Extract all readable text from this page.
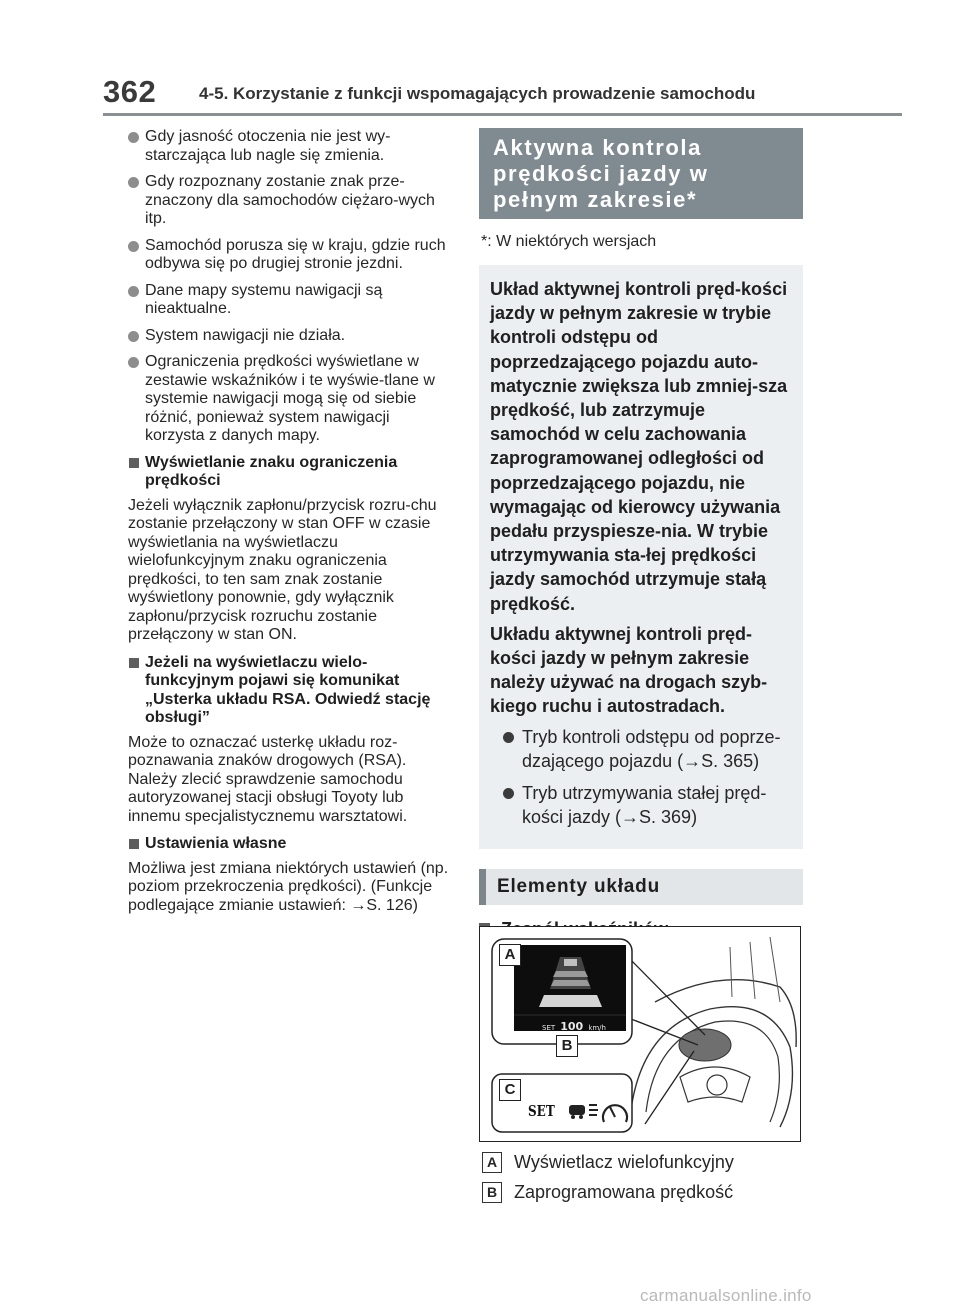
362	4-5. Korzystanie z funkcji wspomagających prowadzenie samochodu
Gdy jasność otoczenia nie jest wy-starczająca lub nagle się zmienia.
Gdy rozpoznany zostanie znak prze-znaczony dla samochodów ciężaro-wych itp.
Samochód porusza się w kraju, gdzie ruch odbywa się po drugiej stronie jezdni.
Dane mapy systemu nawigacji są nieaktualne.
System nawigacji nie działa.
Ograniczenia prędkości wyświetlane w zestawie wskaźników i te wyświe-tlane w systemie nawigacji mogą się od siebie różnić, ponieważ system nawigacji korzysta z danych mapy.
Wyświetlanie znaku ograniczenia prędkości
Jeżeli wyłącznik zapłonu/przycisk rozru-chu zostanie przełączony w stan OFF w czasie wyświetlania na wyświetlaczu wielofunkcyjnym znaku ograniczenia prędkości, to ten sam znak zostanie wyświetlony ponownie, gdy wyłącznik zapłonu/przycisk rozruchu zostanie przełączony w stan ON.
Jeżeli na wyświetlaczu wielo-funkcyjnym pojawi się komunikat „Usterka układu RSA. Odwiedź stację obsługi”
Może to oznaczać usterkę układu roz-poznawania znaków drogowych (RSA). Należy zlecić sprawdzenie samochodu autoryzowanej stacji obsługi Toyoty lub innemu specjalistycznemu warsztatowi.
Ustawienia własne
Możliwa jest zmiana niektórych ustawień (np. poziom przekroczenia prędkości). (Funkcje podlegające zmianie ustawień: →S. 126)
Aktywna kontrola prędkości jazdy w pełnym zakresie*
*: W niektórych wersjach

Układ aktywnej kontroli pręd-kości jazdy w pełnym zakresie w trybie kontroli odstępu od poprzedzającego pojazdu auto-matycznie zwiększa lub zmniej-sza prędkość, lub zatrzymuje samochód w celu zachowania zaprogramowanej odległości od poprzedzającego pojazdu, nie wymagając od kierowcy używania pedału przyspiesze-nia. W trybie utrzymywania sta-łej prędkości jazdy samochód utrzymuje stałą prędkość.

Układu aktywnej kontroli pręd-kości jazdy w pełnym zakresie należy używać na drogach szyb-kiego ruchu i autostradach.

Tryb kontroli odstępu od poprze-dzającego pojazdu (→S. 365)
Tryb utrzymywania stałej pręd-kości jazdy (→S. 369)
Elementy układu
A
B
C
SET 100 km/h
SET
A Wyświetlacz wielofunkcyjny
B Zaprogramowana prędkość
carmanualsonline.info
